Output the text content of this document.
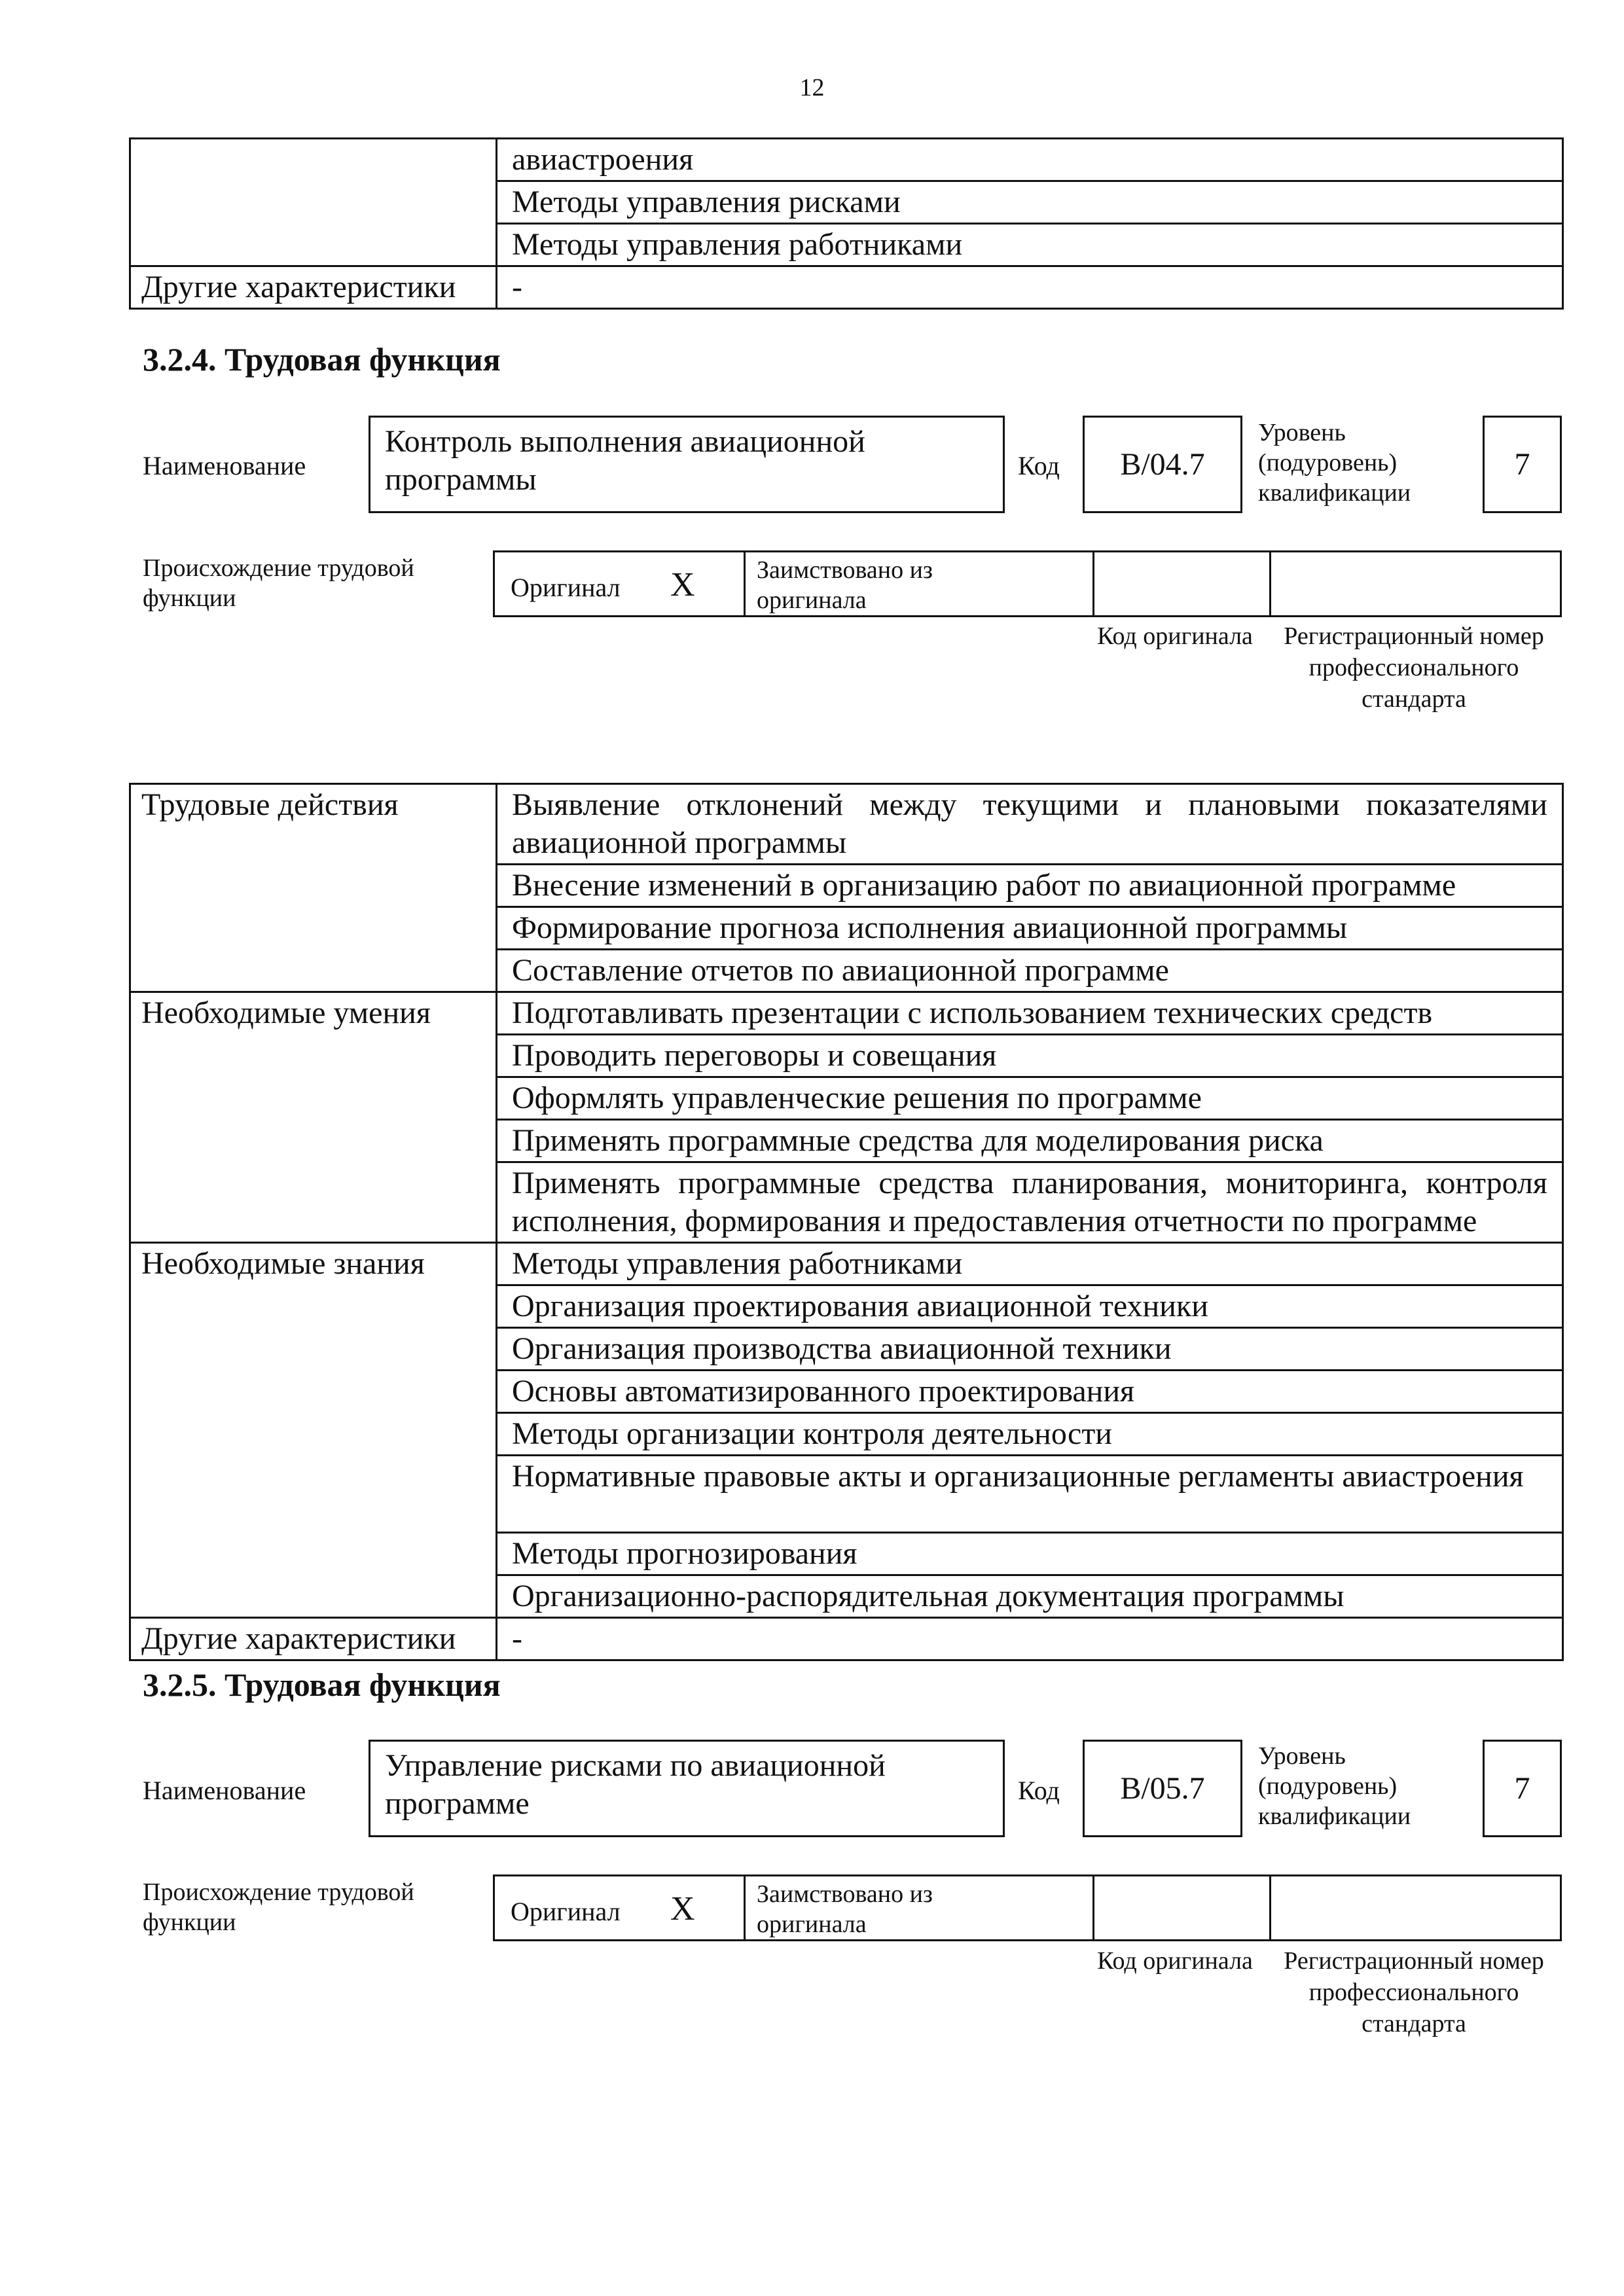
12
	авиастроения
	Методы управления рисками
	Методы управления работниками
Другие характеристики	-
3.2.4. Трудовая функция
Наименование
Контроль выполнения авиационной программы	Код B/04.7
Уровень (подуровень) квалификации
7
Происхождение трудовой функции	Оригинал X Заимствовано из оригинала
Код оригинала	Регистрационный номер профессионального стандарта
Трудовые действия	Выявление отклонений между текущими и плановыми показателями авиационной программы
	Внесение изменений в организацию работ по авиационной программе
	Формирование прогноза исполнения авиационной программы
	Составление отчетов по авиационной программе
Необходимые умения	Подготавливать презентации с использованием технических средств
	Проводить переговоры и совещания
	Оформлять управленческие решения по программе
	Применять программные средства для моделирования риска
	Применять программные средства планирования, мониторинга, контроля исполнения, формирования и предоставления отчетности по программе
Необходимые знания	Методы управления работниками
	Организация проектирования авиационной техники
	Организация производства авиационной техники
	Основы автоматизированного проектирования
	Методы организации контроля деятельности
	Нормативные правовые акты и организационные регламенты авиастроения
	Методы прогнозирования
	Организационно-распорядительная документация программы
Другие характеристики	-
3.2.5. Трудовая функция
Наименование
Управление рисками по авиационной программе	Код B/05.7
Уровень (подуровень) квалификации
7
Происхождение трудовой функции	Оригинал X Заимствовано из оригинала
Код оригинала	Регистрационный номер профессионального стандарта
